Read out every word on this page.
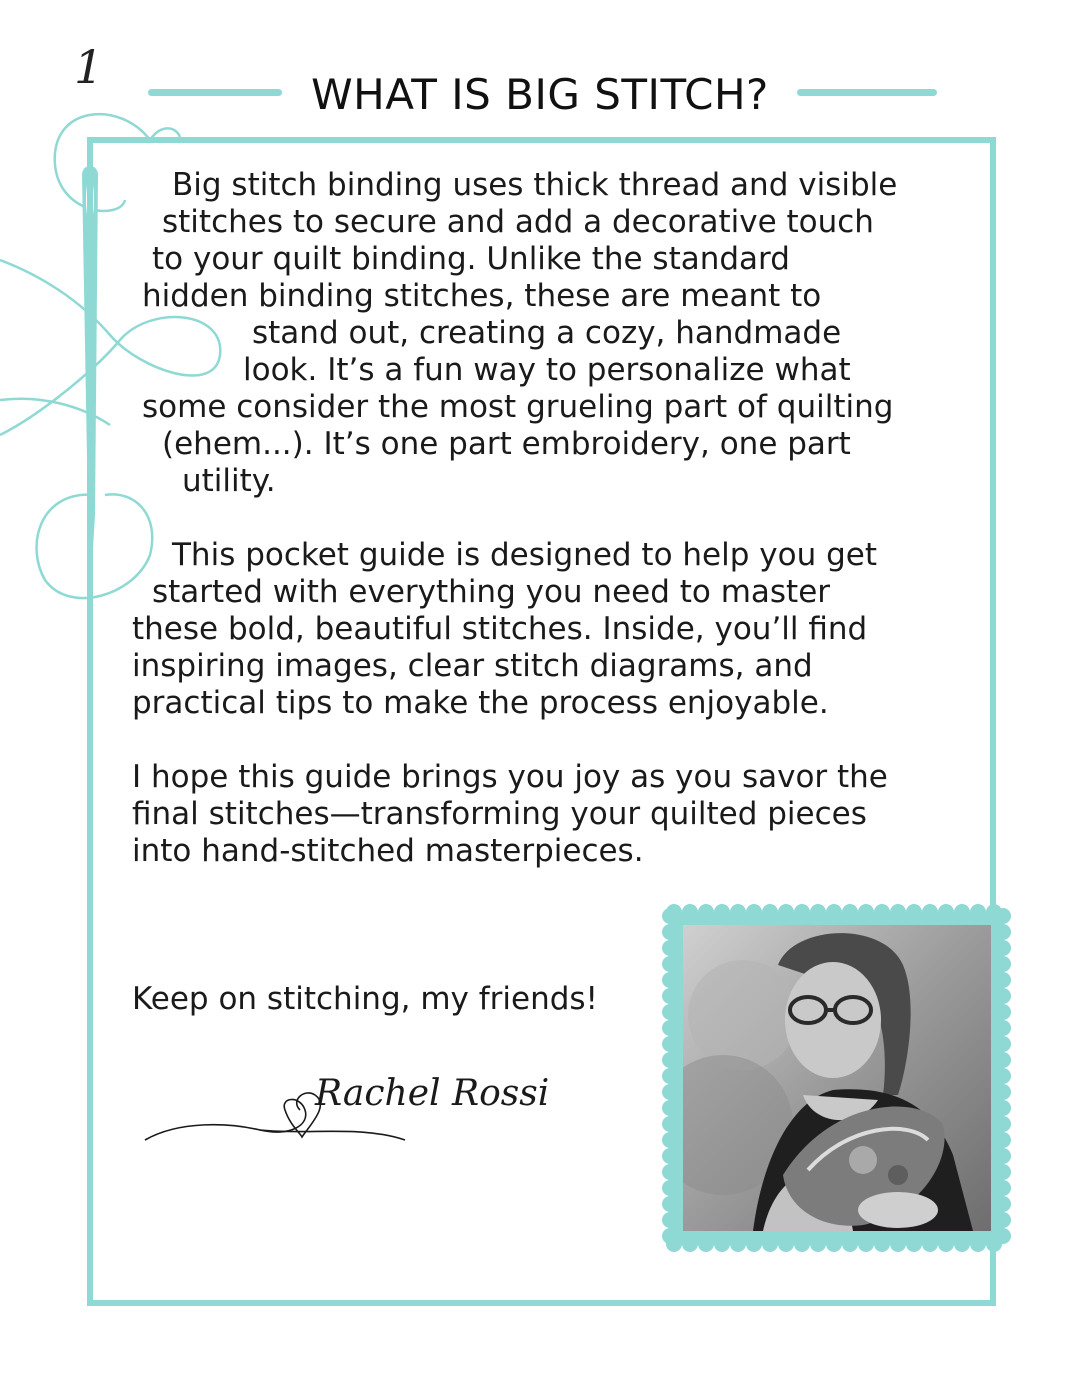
1
WHAT IS BIG STITCH?
Big stitch binding uses thick thread and visible
stitches to secure and add a decorative touch
to your quilt binding. Unlike the standard
hidden binding stitches, these are meant to
stand out, creating a cozy, handmade
look. It’s a fun way to personalize what
some consider the most grueling part of quilting
(ehem...). It’s one part embroidery, one part
utility.
This pocket guide is designed to help you get
started with everything you need to master
these bold, beautiful stitches. Inside, you’ll find
inspiring images, clear stitch diagrams, and
practical tips to make the process enjoyable.
I hope this guide brings you joy as you savor the
final stitches—transforming your quilted pieces
into hand-stitched masterpieces.
Keep on stitching, my friends!
Rachel Rossi
